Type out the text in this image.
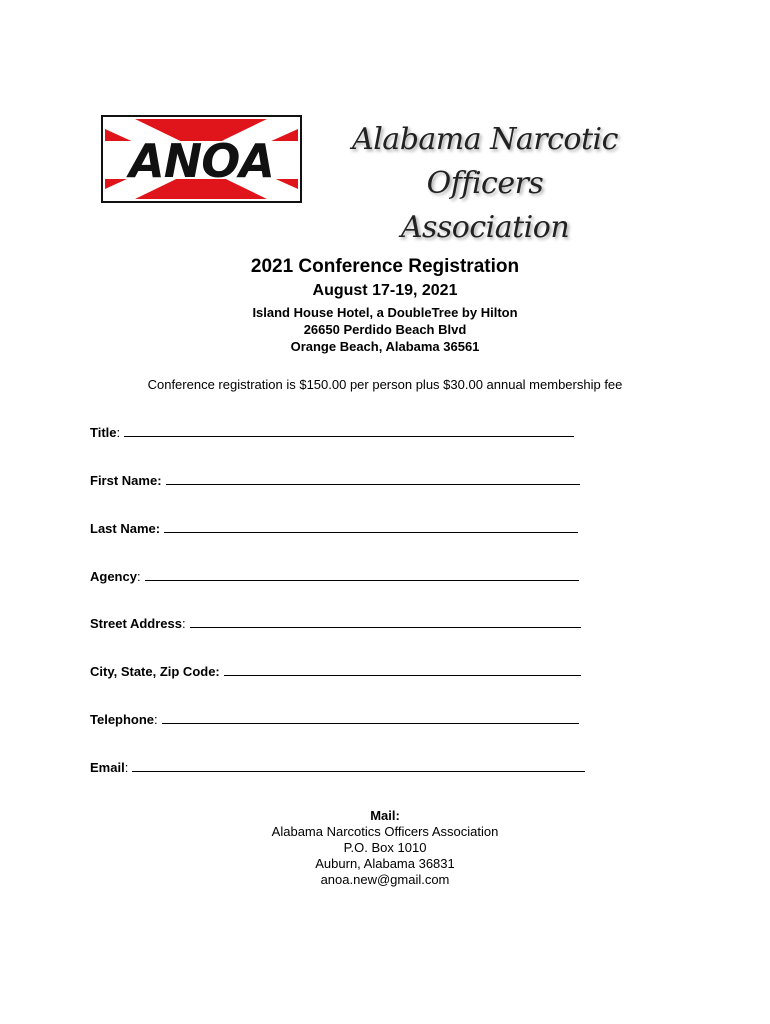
ANOA	Alabama Narcotic Officers
Association
2021 Conference Registration
August 17-19, 2021
Island House Hotel, a DoubleTree by Hilton
26650 Perdido Beach Blvd
Orange Beach, Alabama 36561
Conference registration is $150.00 per person plus $30.00 annual membership fee
Title:
First Name:
Last Name:
Agency:
Street Address:
City, State, Zip Code:
Telephone:
Email:
Mail:
Alabama Narcotics Officers Association
P.O. Box 1010
Auburn, Alabama 36831
anoa.new@gmail.com
